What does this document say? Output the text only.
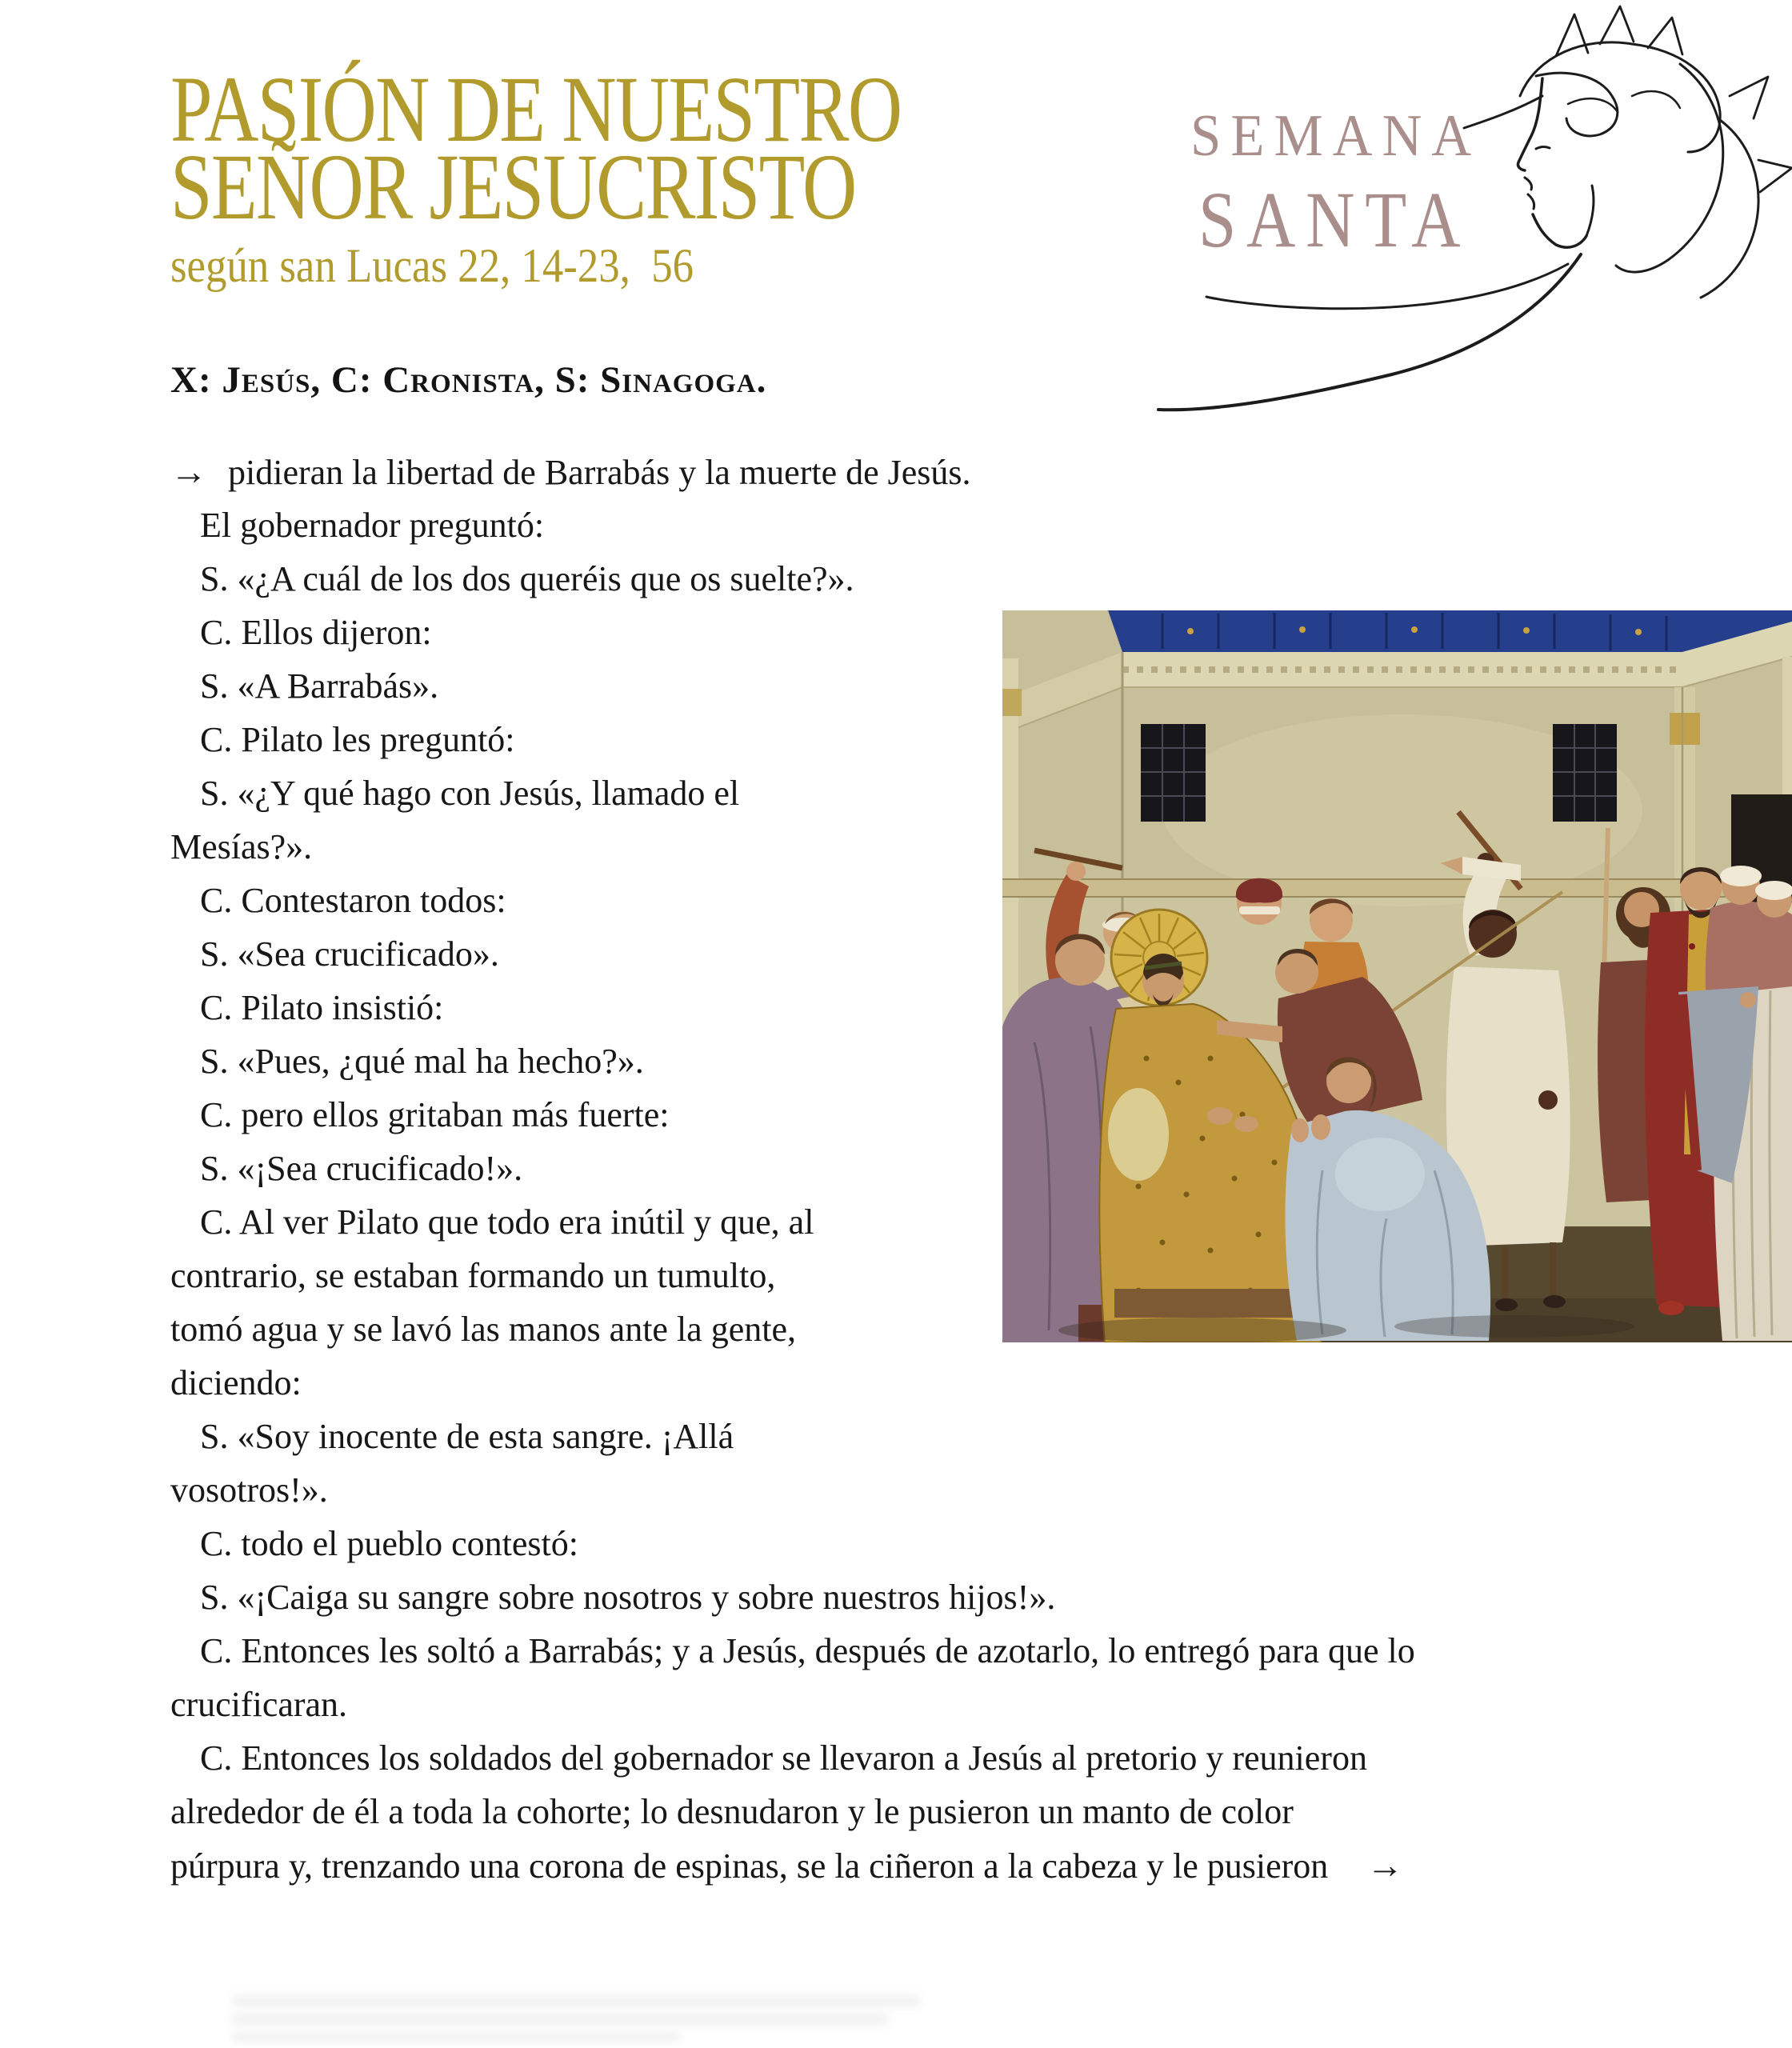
PASIÓN DE NUESTRO
SEÑOR JESUCRISTO
según san Lucas 22, 14-23,  56
SEMANA
SANTA
X: Jesús, C: Cronista, S: Sinagoga.
→ pidieran la libertad de Barrabás y la muerte de Jesús.
El gobernador preguntó:
S. «¿A cuál de los dos queréis que os suelte?».
C. Ellos dijeron:
S. «A Barrabás».
C. Pilato les preguntó:
S. «¿Y qué hago con Jesús, llamado el
Mesías?».
C. Contestaron todos:
S. «Sea crucificado».
C. Pilato insistió:
S. «Pues, ¿qué mal ha hecho?».
C. pero ellos gritaban más fuerte:
S. «¡Sea crucificado!».
C. Al ver Pilato que todo era inútil y que, al
contrario, se estaban formando un tumulto,
tomó agua y se lavó las manos ante la gente,
diciendo:
S. «Soy inocente de esta sangre. ¡Allá
vosotros!».
C. todo el pueblo contestó:
S. «¡Caiga su sangre sobre nosotros y sobre nuestros hijos!».
C. Entonces les soltó a Barrabás; y a Jesús, después de azotarlo, lo entregó para que lo
crucificaran.
C. Entonces los soldados del gobernador se llevaron a Jesús al pretorio y reunieron
alrededor de él a toda la cohorte; lo desnudaron y le pusieron un manto de color
púrpura y, trenzando una corona de espinas, se la ciñeron a la cabeza y le pusieron →
